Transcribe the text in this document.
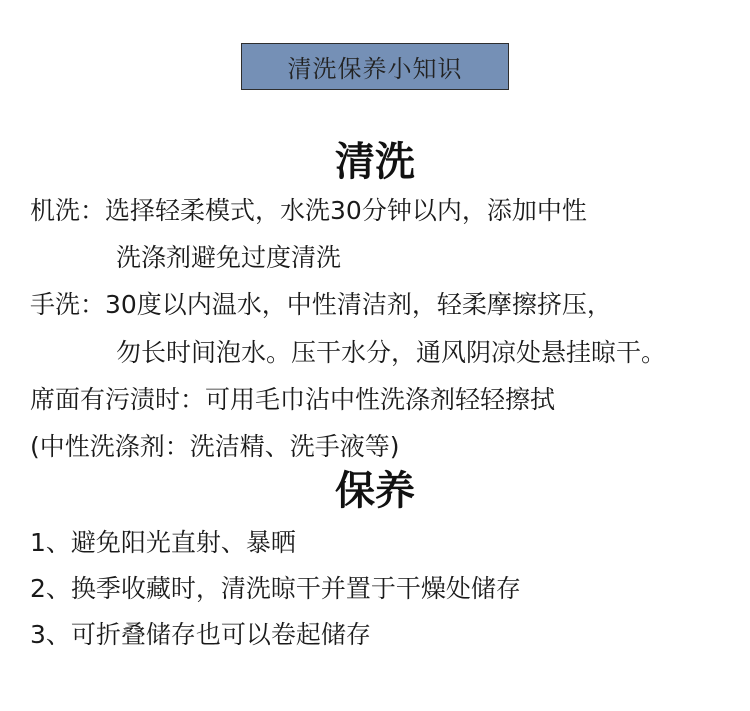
清洗保养小知识
清洗
机洗：选择轻柔模式，水洗30分钟以内，添加中性
洗涤剂避免过度清洗
手洗：30度以内温水，中性清洁剂，轻柔摩擦挤压，
勿长时间泡水。压干水分，通风阴凉处悬挂晾干。
席面有污渍时：可用毛巾沾中性洗涤剂轻轻擦拭
(中性洗涤剂：洗洁精、洗手液等)
保养
1、避免阳光直射、暴晒
2、换季收藏时，清洗晾干并置于干燥处储存
3、可折叠储存也可以卷起储存
